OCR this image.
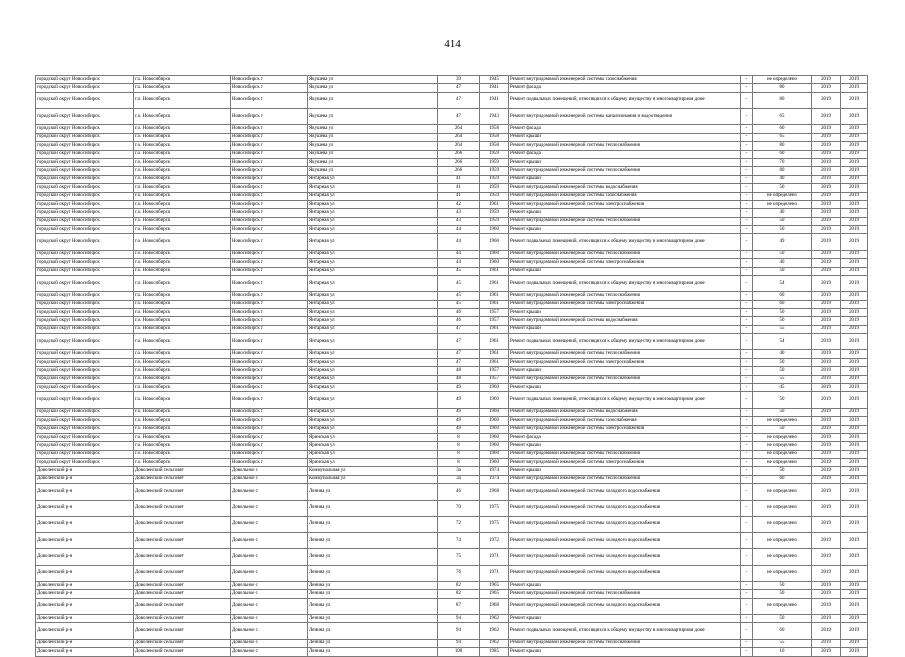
414
городской округ Новосибирск	г.о. Новосибирск	Новосибирск г	Якушева ул	39	1945	Ремонт внутридомовой инженерной системы газоснабжения	-	не определено	2019	2019
городской округ Новосибирск	г.о. Новосибирск	Новосибирск г	Якушева ул	47	1941	Ремонт фасада	-	80	2019	2019
городской округ Новосибирск	г.о. Новосибирск	Новосибирск г	Якушева ул	47	1941	Ремонт подвальных помещений, относящихся к общему имуществу в многоквартирном доме	-	80	2019	2019
городской округ Новосибирск	г.о. Новосибирск	Новосибирск г	Якушева ул	47	1943	Ремонт внутридомовой инженерной системы канализования и водоотведения	-	65	2019	2019
городской округ Новосибирск	г.о. Новосибирск	Новосибирск г	Якушева ул	264	1958	Ремонт фасада	-	60	2019	2019
городской округ Новосибирск	г.о. Новосибирск	Новосибирск г	Якушева ул	264	1958	Ремонт крыши	-	65	2019	2019
городской округ Новосибирск	г.о. Новосибирск	Новосибирск г	Якушева ул	264	1958	Ремонт внутридомовой инженерной системы теплоснабжения	-	80	2019	2019
городской округ Новосибирск	г.о. Новосибирск	Новосибирск г	Якушева ул	266	1959	Ремонт фасада	-	60	2019	2019
городской округ Новосибирск	г.о. Новосибирск	Новосибирск г	Якушева ул	266	1959	Ремонт крыши	-	70	2019	2019
городской округ Новосибирск	г.о. Новосибирск	Новосибирск г	Якушева ул	266	1959	Ремонт внутридомовой инженерной системы теплоснабжения	-	80	2019	2019
городской округ Новосибирск	г.о. Новосибирск	Новосибирск г	Янтарная ул	41	1959	Ремонт крыши	-	40	2019	2019
городской округ Новосибирск	г.о. Новосибирск	Новосибирск г	Янтарная ул	41	1959	Ремонт внутридомовой инженерной системы водоснабжения	-	50	2019	2019
городской округ Новосибирск	г.о. Новосибирск	Новосибирск г	Янтарная ул	41	1959	Ремонт внутридомовой инженерной системы газоснабжения	-	не определено	2019	2019
городской округ Новосибирск	г.о. Новосибирск	Новосибирск г	Янтарная ул	42	1961	Ремонт внутридомовой инженерной системы электроснабжения	-	не определено	2019	2019
городской округ Новосибирск	г.о. Новосибирск	Новосибирск г	Янтарная ул	43	1959	Ремонт крыши	-	40	2019	2019
городской округ Новосибирск	г.о. Новосибирск	Новосибирск г	Янтарная ул	43	1959	Ремонт внутридомовой инженерной системы теплоснабжения	-	50	2019	2019
городской округ Новосибирск	г.о. Новосибирск	Новосибирск г	Янтарная ул	44	1960	Ремонт крыши	-	50	2019	2019
городской округ Новосибирск	г.о. Новосибирск	Новосибирск г	Янтарная ул	44	1960	Ремонт подвальных помещений, относящихся к общему имуществу в многоквартирном доме	-	49	2019	2019
городской округ Новосибирск	г.о. Новосибирск	Новосибирск г	Янтарная ул	44	1960	Ремонт внутридомовой инженерной системы теплоснабжения	-	50	2019	2019
городской округ Новосибирск	г.о. Новосибирск	Новосибирск г	Янтарная ул	44	1960	Ремонт внутридомовой инженерной системы электроснабжения	-	40	2019	2019
городской округ Новосибирск	г.о. Новосибирск	Новосибирск г	Янтарная ул	45	1961	Ремонт крыши	-	50	2019	2019
городской округ Новосибирск	г.о. Новосибирск	Новосибирск г	Янтарная ул	45	1961	Ремонт подвальных помещений, относящихся к общему имуществу в многоквартирном доме	-	54	2019	2019
городской округ Новосибирск	г.о. Новосибирск	Новосибирск г	Янтарная ул	45	1961	Ремонт внутридомовой инженерной системы теплоснабжения	-	60	2019	2019
городской округ Новосибирск	г.о. Новосибирск	Новосибирск г	Янтарная ул	45	1961	Ремонт внутридомовой инженерной системы электроснабжения	-	60	2019	2019
городской округ Новосибирск	г.о. Новосибирск	Новосибирск г	Янтарная ул	46	1957	Ремонт крыши	-	50	2019	2019
городской округ Новосибирск	г.о. Новосибирск	Новосибирск г	Янтарная ул	46	1957	Ремонт внутридомовой инженерной системы водоснабжения	-	50	2019	2019
городской округ Новосибирск	г.о. Новосибирск	Новосибирск г	Янтарная ул	47	1961	Ремонт крыши	-	55	2019	2019
городской округ Новосибирск	г.о. Новосибирск	Новосибирск г	Янтарная ул	47	1961	Ремонт подвальных помещений, относящихся к общему имуществу в многоквартирном доме	-	54	2019	2019
городской округ Новосибирск	г.о. Новосибирск	Новосибирск г	Янтарная ул	47	1961	Ремонт внутридомовой инженерной системы теплоснабжения	-	40	2019	2019
городской округ Новосибирск	г.о. Новосибирск	Новосибирск г	Янтарная ул	47	1961	Ремонт внутридомовой инженерной системы электроснабжения	-	50	2019	2019
городской округ Новосибирск	г.о. Новосибирск	Новосибирск г	Янтарная ул	48	1957	Ремонт крыши	-	50	2019	2019
городской округ Новосибирск	г.о. Новосибирск	Новосибирск г	Янтарная ул	48	1957	Ремонт внутридомовой инженерной системы теплоснабжения	-	55	2019	2019
городской округ Новосибирск	г.о. Новосибирск	Новосибирск г	Янтарная ул	49	1960	Ремонт крыши	-	45	2019	2019
городской округ Новосибирск	г.о. Новосибирск	Новосибирск г	Янтарная ул	49	1960	Ремонт подвальных помещений, относящихся к общему имуществу в многоквартирном доме	-	50	2019	2019
городской округ Новосибирск	г.о. Новосибирск	Новосибирск г	Янтарная ул	49	1960	Ремонт внутридомовой инженерной системы водоснабжения	-	50	2019	2019
городской округ Новосибирск	г.о. Новосибирск	Новосибирск г	Янтарная ул	49	1960	Ремонт внутридомовой инженерной системы газоснабжения	-	не определено	2019	2019
городской округ Новосибирск	г.о. Новосибирск	Новосибирск г	Янтарная ул	49	1960	Ремонт внутридомовой инженерной системы электроснабжения	-	50	2019	2019
городской округ Новосибирск	г.о. Новосибирск	Новосибирск г	Яринская ул	8	1960	Ремонт фасада	-	не определено	2019	2019
городской округ Новосибирск	г.о. Новосибирск	Новосибирск г	Яринская ул	8	1960	Ремонт крыши	-	не определено	2019	2019
городской округ Новосибирск	г.о. Новосибирск	Новосибирск г	Яринская ул	8	1960	Ремонт внутридомовой инженерной системы теплоснабжения	-	не определено	2019	2019
городской округ Новосибирск	г.о. Новосибирск	Новосибирск г	Яринская ул	8	1960	Ремонт внутридомовой инженерной системы электроснабжения	-	не определено	2019	2019
Доволенский р-н	Доволенский сельсовет	Довольное с	Коммунальная ул	3а	1974	Ремонт крыши	-	50	2019	2019
Доволенский р-н	Доволенский сельсовет	Довольное с	Коммунальная ул	3а	1974	Ремонт внутридомовой инженерной системы теплоснабжения	-	60	2019	2019
Доволенский р-н	Доволенский сельсовет	Довольное с	Ленина ул	46	1968	Ремонт внутридомовой инженерной системы холодного водоснабжения	-	не определено	2019	2019
Доволенский р-н	Доволенский сельсовет	Довольное с	Ленина ул	70	1975	Ремонт внутридомовой инженерной системы холодного водоснабжения	-	не определено	2019	2019
Доволенский р-н	Доволенский сельсовет	Довольное с	Ленина ул	72	1975	Ремонт внутридомовой инженерной системы холодного водоснабжения	-	не определено	2019	2019
Доволенский р-н	Доволенский сельсовет	Довольное с	Ленина ул	74	1972	Ремонт внутридомовой инженерной системы холодного водоснабжения	-	не определено	2019	2019
Доволенский р-н	Доволенский сельсовет	Довольное с	Ленина ул	75	1971	Ремонт внутридомовой инженерной системы холодного водоснабжения	-	не определено	2019	2019
Доволенский р-н	Доволенский сельсовет	Довольное с	Ленина ул	76	1971	Ремонт внутридомовой инженерной системы холодного водоснабжения	-	не определено	2019	2019
Доволенский р-н	Доволенский сельсовет	Довольное с	Ленина ул	82	1965	Ремонт крыши	-	50	2019	2019
Доволенский р-н	Доволенский сельсовет	Довольное с	Ленина ул	82	1965	Ремонт внутридомовой инженерной системы теплоснабжения	-	50	2019	2019
Доволенский р-н	Доволенский сельсовет	Довольное с	Ленина ул	87	1968	Ремонт внутридомовой инженерной системы холодного водоснабжения	-	не определено	2019	2019
Доволенский р-н	Доволенский сельсовет	Довольное с	Ленина ул	94	1962	Ремонт крыши	-	50	2019	2019
Доволенский р-н	Доволенский сельсовет	Довольное с	Ленина ул	94	1962	Ремонт подвальных помещений, относящихся к общему имуществу в многоквартирном доме	-	60	2019	2019
Доволенский р-н	Доволенский сельсовет	Довольное с	Ленина ул	94	1962	Ремонт внутридомовой инженерной системы теплоснабжения	-	55	2019	2019
Доволенский р-н	Доволенский сельсовет	Довольное с	Ленина ул	100	1985	Ремонт крыши	-	10	2019	2019
